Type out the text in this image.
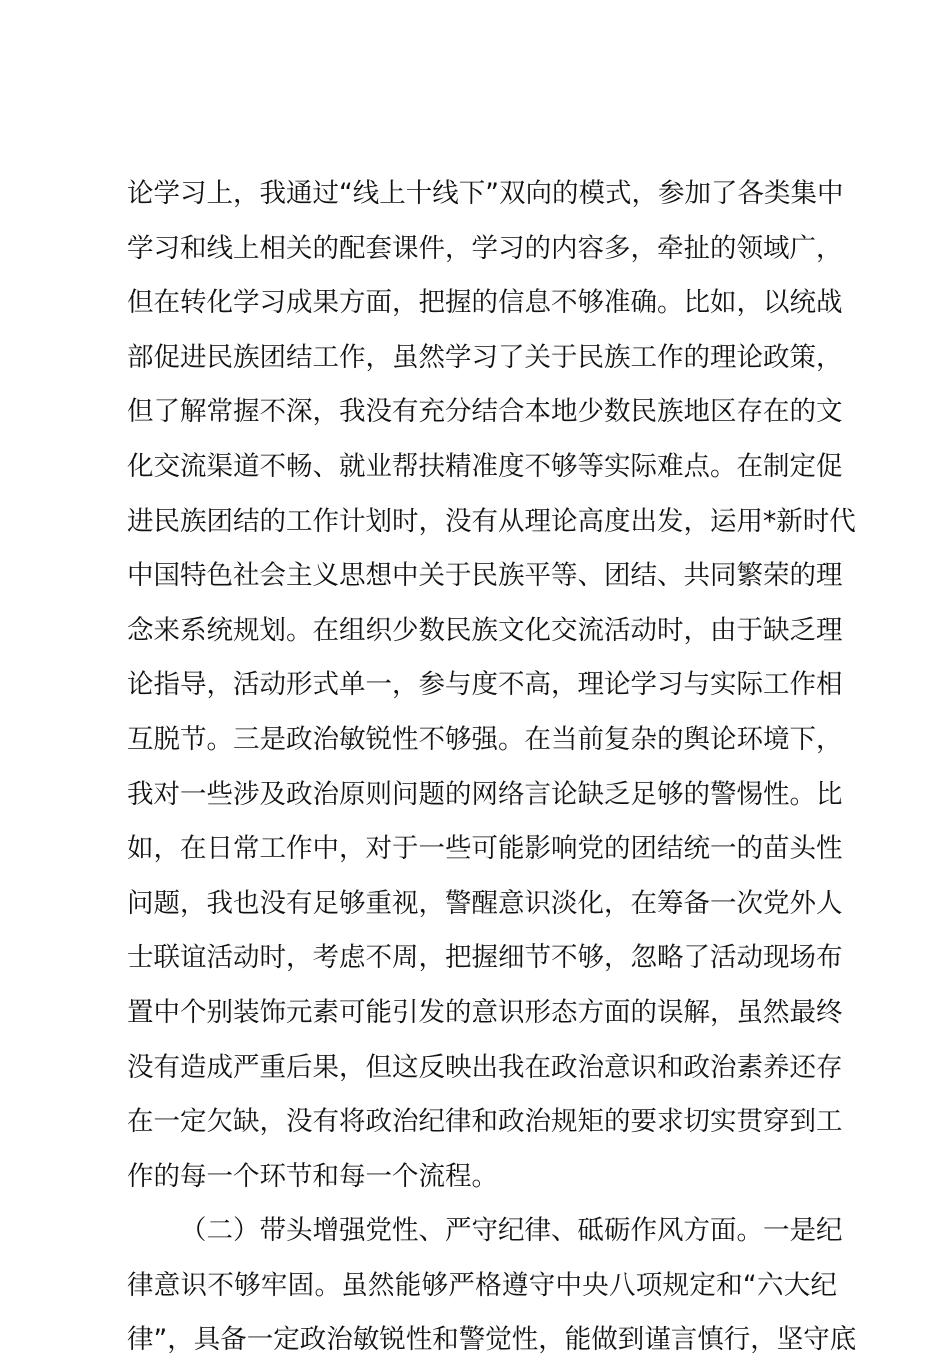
论学习上，我通过“线上十线下”双向的模式，参加了各类集中
学习和线上相关的配套课件，学习的内容多，牵扯的领域广，
但在转化学习成果方面，把握的信息不够准确。比如，以统战
部促进民族团结工作，虽然学习了关于民族工作的理论政策，
但了解常握不深，我没有充分结合本地少数民族地区存在的文
化交流渠道不畅、就业帮扶精准度不够等实际难点。在制定促
进民族团结的工作计划时，没有从理论高度出发，运用*新时代
中国特色社会主义思想中关于民族平等、团结、共同繁荣的理
念来系统规划。在组织少数民族文化交流活动时，由于缺乏理
论指导，活动形式单一，参与度不高，理论学习与实际工作相
互脱节。三是政治敏锐性不够强。在当前复杂的舆论环境下，
我对一些涉及政治原则问题的网络言论缺乏足够的警惕性。比
如，在日常工作中，对于一些可能影响党的团结统一的苗头性
问题，我也没有足够重视，警醒意识淡化，在筹备一次党外人
士联谊活动时，考虑不周，把握细节不够，忽略了活动现场布
置中个别装饰元素可能引发的意识形态方面的误解，虽然最终
没有造成严重后果，但这反映出我在政治意识和政治素养还存
在一定欠缺，没有将政治纪律和政治规矩的要求切实贯穿到工
作的每一个环节和每一个流程。
（二）带头增强党性、严守纪律、砥砺作风方面。一是纪
律意识不够牢固。虽然能够严格遵守中央八项规定和“六大纪
律”，具备一定政治敏锐性和警觉性，能做到谨言慎行，坚守底
